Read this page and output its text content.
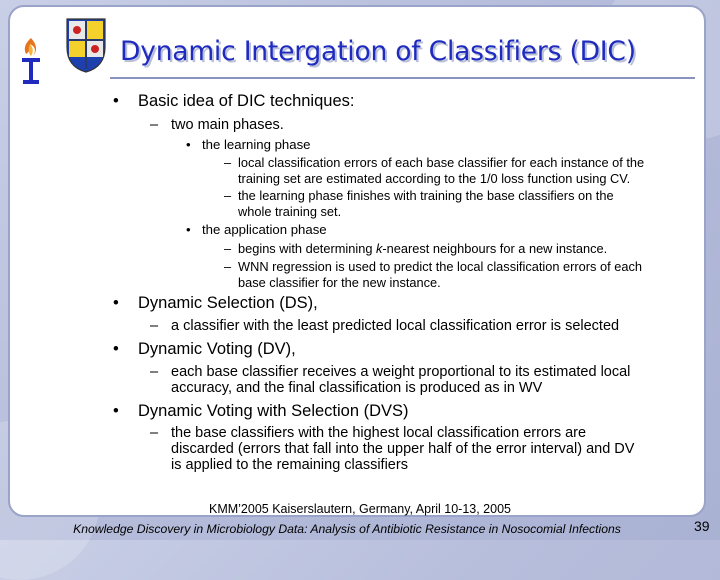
Dynamic Intergation of Classifiers (DIC)
• Basic idea of DIC techniques:
– two main phases.
• the learning phase
– local classification errors of each base classifier for each instance of the
training set are estimated according to the 1/0 loss function using CV.
– the learning phase finishes with training the base classifiers on the
whole training set.
• the application phase
– begins with determining k-nearest neighbours for a new instance.
– WNN regression is used to predict the local classification errors of each
base classifier for the new instance.
• Dynamic Selection (DS),
– a classifier with the least predicted local classification error is selected
• Dynamic Voting (DV),
– each base classifier receives a weight proportional to its estimated local
accuracy, and the final classification is produced as in WV
• Dynamic Voting with Selection (DVS)
– the base classifiers with the highest local classification errors are
discarded (errors that fall into the upper half of the error interval) and DV
is applied to the remaining classifiers
KMM’2005 Kaiserslautern, Germany, April 10-13, 2005
Knowledge Discovery in Microbiology Data: Analysis of Antibiotic Resistance in Nosocomial Infections	39
